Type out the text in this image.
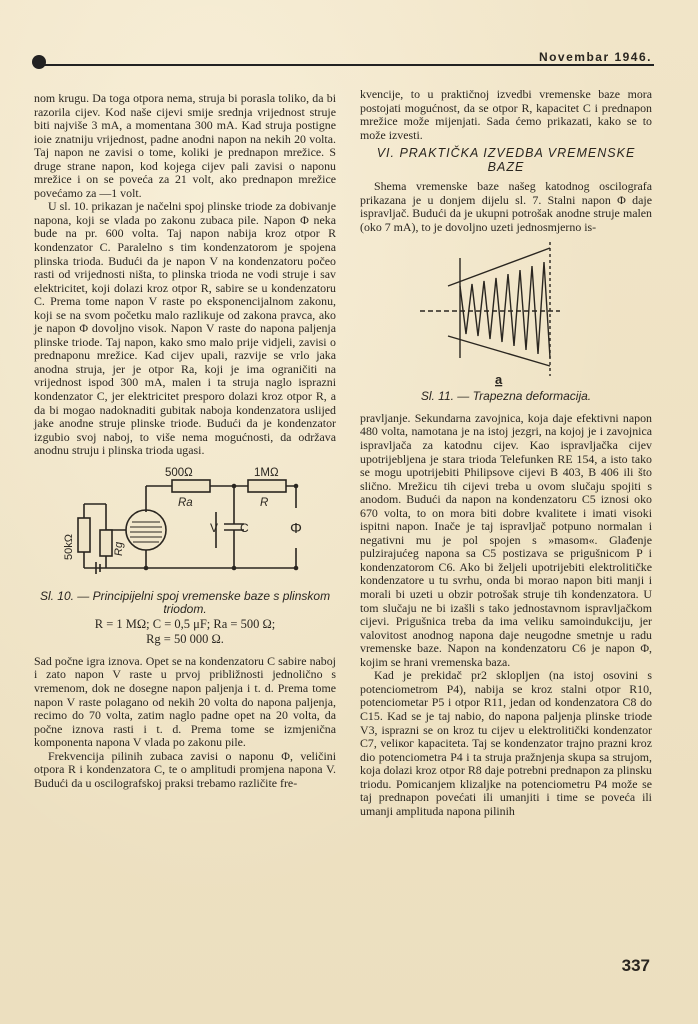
Novembar 1946.

nom krugu. Da toga otpora nema, struja bi porasla toliko, da bi razorila cijev. Kod naše cijevi smije srednja vrijednost struje biti najviše 3 mA, a momentana 300 mA. Kad struja postigne ioie znatniju vrijednost, padne anodni napon na nekih 20 volta. Taj napon ne zavisi o tome, koliki je prednapon mrežice. S druge strane napon, kod kojega cijev pali zavisi o naponu mrežice i on se poveća za 21 volt, ako prednapon mrežice povećamo za —1 volt.

U sl. 10. prikazan je načelni spoj plinske triode za dobivanje napona, koji se vlada po zakonu zubaca pile. Napon Φ neka bude na pr. 600 volta. Taj napon nabija kroz otpor R kondenzator C. Paralelno s tim kondenzatorom je spojena plinska trioda. Budući da je napon V na kondenzatoru počeo rasti od vrijednosti ništa, to plinska trioda ne vodi struje i sav elektricitet, koji dolazi kroz otpor R, sabire se u kondenzatoru C. Prema tome napon V raste po eksponencijalnom zakonu, koji se na svom početku malo razlikuje od zakona pravca, ako je napon Φ dovoljno visok. Napon V raste do napona paljenja plinske triode. Taj napon, kako smo malo prije vidjeli, zavisi o prednaponu mrežice. Kad cijev upali, razvije se vrlo jaka anodna struja, jer je otpor Ra, koji je ima ograničiti na vrijednost ispod 300 mA, malen i ta struja naglo isprazni kondenzator C, jer elektricitet presporo dolazi kroz otpor R, a da bi mogao nadoknaditi gubitak naboja kondenzatora uslijed jake anodne struje plinske triode. Budući da je kondenzator izgubio svoj naboj, to više nema mogućnosti, da održava anodnu struju i plinska trioda ugasi.

500Ω	1MΩ
Ra	R
V C	Φ
Rg
50kΩ
Sl. 10. — Principijelni spoj vremenske baze s plinskom triodom.
R = 1 MΩ; C = 0,5 μF; Ra = 500 Ω;
Rg = 50 000 Ω.

Sad počne igra iznova. Opet se na kondenzatoru C sabire naboj i zato napon V raste u prvoj približnosti jednolično s vremenom, dok ne dosegne napon paljenja i t. d. Prema tome napon V raste polagano od nekih 20 volta do napona paljenja, recimo do 70 volta, zatim naglo padne opet na 20 volta, da počne iznova rasti i t. d. Prema tome se izmjenična komponenta napona V vlada po zakonu pile.

Frekvencija pilinih zubaca zavisi o naponu Φ, veličini otpora R i kondenzatora C, te o amplitudi promjena napona V. Budući da u oscilografskoj praksi trebamo različite fre-

kvencije, to u praktičnoj izvedbi vremenske baze mora postojati mogućnost, da se otpor R, kapacitet C i prednapon mrežice može mijenjati. Sada ćemo prikazati, kako se to može izvesti.

VI. PRAKTIČKA IZVEDBA VREMENSKE
BAZE

Shema vremenske baze našeg katodnog oscilografa prikazana je u donjem dijelu sl. 7. Stalni napon Φ daje ispravljač. Budući da je ukupni potrošak anodne struje malen (oko 7 mA), to je dovoljno uzeti jednosmjerno is-

a
Sl. 11. — Trapezna deformacija.

pravljanje. Sekundarna zavojnica, koja daje efektivni napon 480 volta, namotana je na istoj jezgri, na kojoj je i zavojnica ispravljača za katodnu cijev. Kao ispravljačka cijev upotrijebljena je stara trioda Telefunken RE 154, a isto tako se mogu upotrijebiti Philipsove cijevi B 403, B 406 ili što slično. Mrežicu tih cijevi treba u ovom slučaju spojiti s anodom. Budući da napon na kondenzatoru C5 iznosi oko 670 volta, to on mora biti dobre kvalitete i imati visoki ispitni napon. Inače je taj ispravljač potpuno normalan i negativni mu je pol spojen s »masom«. Glađenje pulzirajućeg napona sa C5 postizava se prigušnicom P i kondenzatorom C6. Ako bi željeli upotrijebiti elektrolitičke kondenzatore u tu svrhu, onda bi morao napon biti manji i morali bi uzeti u obzir potrošak struje tih kondenzatora. U tom slučaju ne bi izašli s tako jednostavnom ispravljačkom cijevi. Prigušnica treba da ima veliku samoindukciju, jer valovitost anodnog napona daje neugodne smetnje u radu vremenske baze. Napon na kondenzatoru C6 je napon Φ, kojim se hrani vremenska baza.

Kad je prekidač pr2 sklopljen (na istoj osovini s potenciometrom P4), nabija se kroz stalni otpor R10, potenciometar P5 i otpor R11, jedan od kondenzatora C8 do C15. Kad se je taj nabio, do napona paljenja plinske triode V3, isprazni se on kroz tu cijev u elektrolitički kondenzator C7, veliког kapaciteta. Taj se kondenzator trajno prazni kroz dio potenciometra P4 i ta struja pražnjenja skupa sa strujom, koja dolazi kroz otpor R8 daje potrebni prednapon za plinsku triodu. Pomicanjem klizaljke na potenciometru P4 može se taj prednapon povećati ili umanjiti i time se poveća ili umanji amplituda napona pilinih

337
